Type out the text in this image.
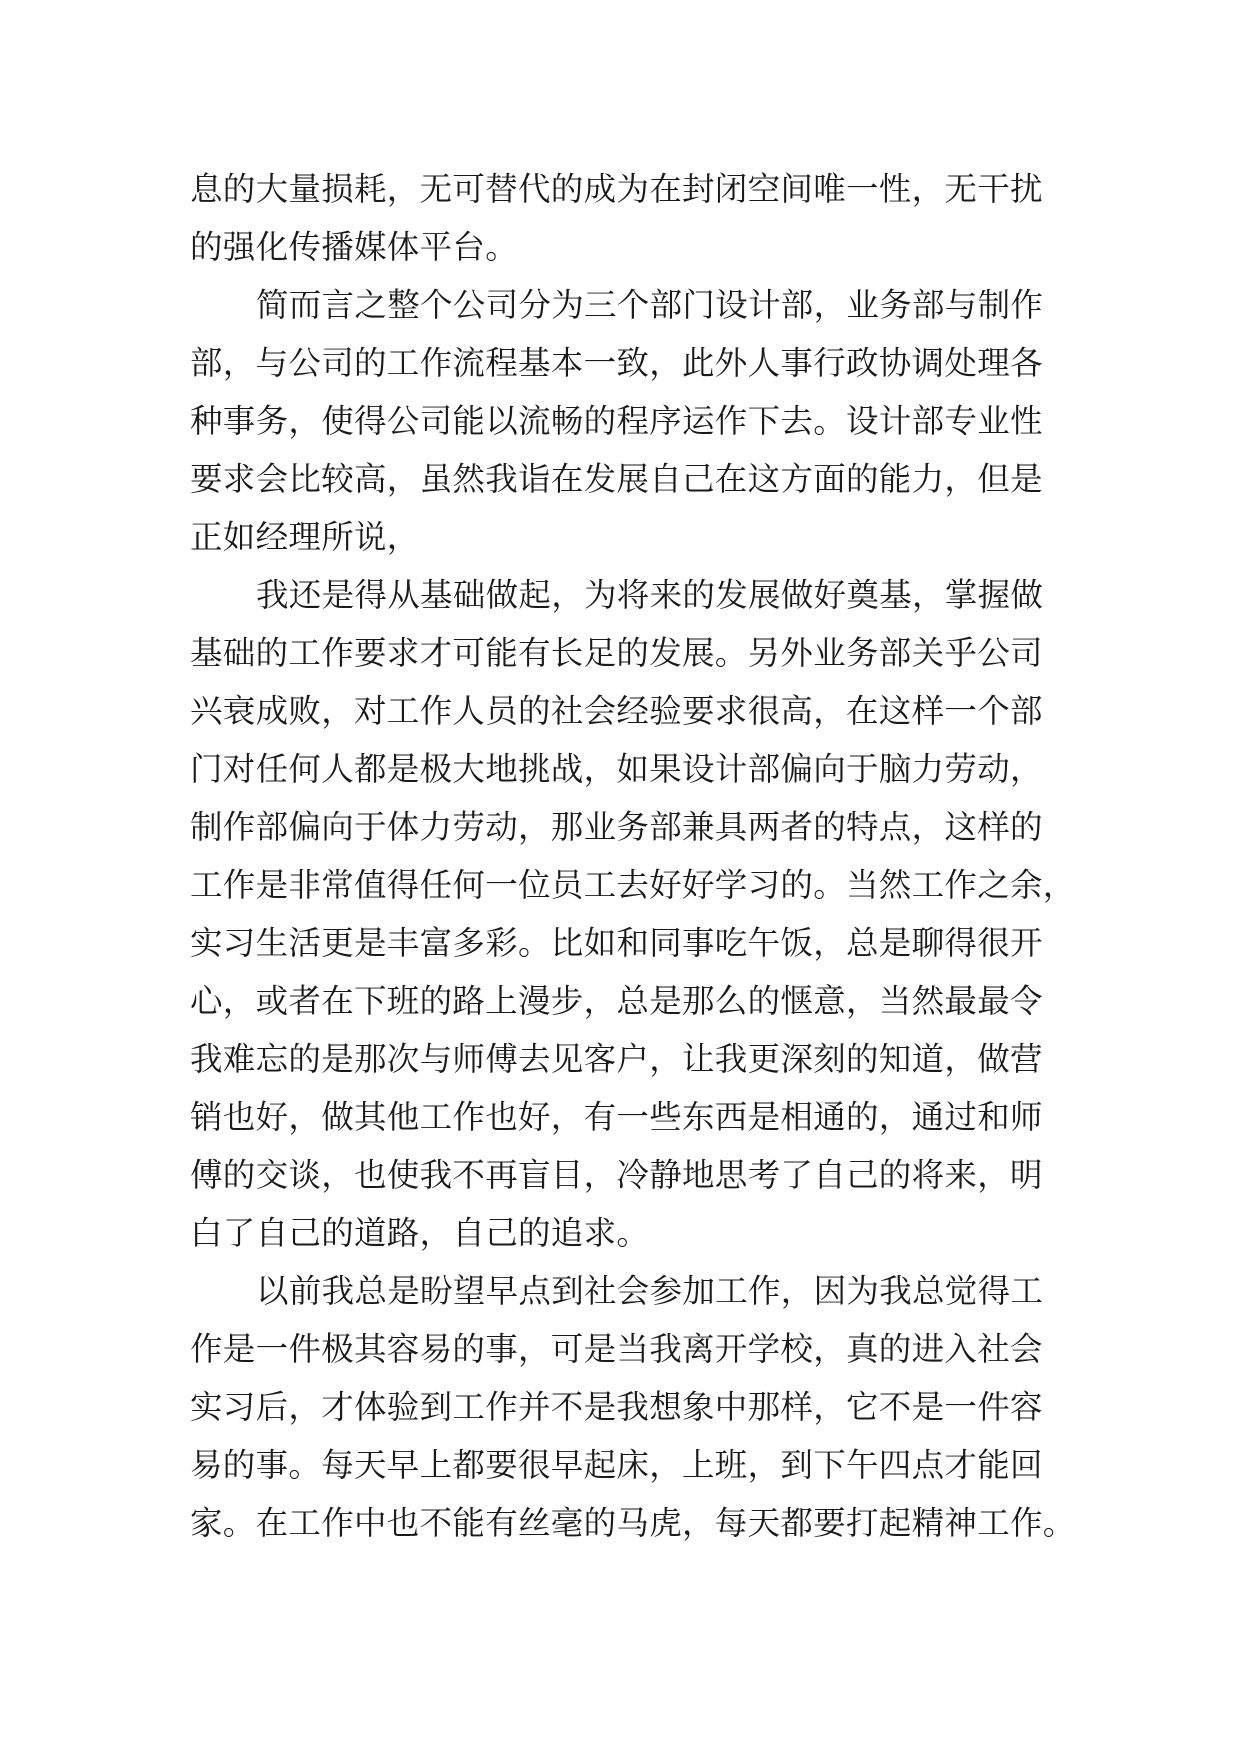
息的大量损耗，无可替代的成为在封闭空间唯一性，无干扰
的强化传播媒体平台。
简而言之整个公司分为三个部门设计部，业务部与制作
部，与公司的工作流程基本一致，此外人事行政协调处理各
种事务，使得公司能以流畅的程序运作下去。设计部专业性
要求会比较高，虽然我诣在发展自己在这方面的能力，但是
正如经理所说，
我还是得从基础做起，为将来的发展做好奠基，掌握做
基础的工作要求才可能有长足的发展。另外业务部关乎公司
兴衰成败，对工作人员的社会经验要求很高，在这样一个部
门对任何人都是极大地挑战，如果设计部偏向于脑力劳动，
制作部偏向于体力劳动，那业务部兼具两者的特点，这样的
工作是非常值得任何一位员工去好好学习的。当然工作之余，
实习生活更是丰富多彩。比如和同事吃午饭，总是聊得很开
心，或者在下班的路上漫步，总是那么的惬意，当然最最令
我难忘的是那次与师傅去见客户，让我更深刻的知道，做营
销也好，做其他工作也好，有一些东西是相通的，通过和师
傅的交谈，也使我不再盲目，冷静地思考了自己的将来，明
白了自己的道路，自己的追求。
以前我总是盼望早点到社会参加工作，因为我总觉得工
作是一件极其容易的事，可是当我离开学校，真的进入社会
实习后，才体验到工作并不是我想象中那样，它不是一件容
易的事。每天早上都要很早起床，上班，到下午四点才能回
家。在工作中也不能有丝毫的马虎，每天都要打起精神工作。
